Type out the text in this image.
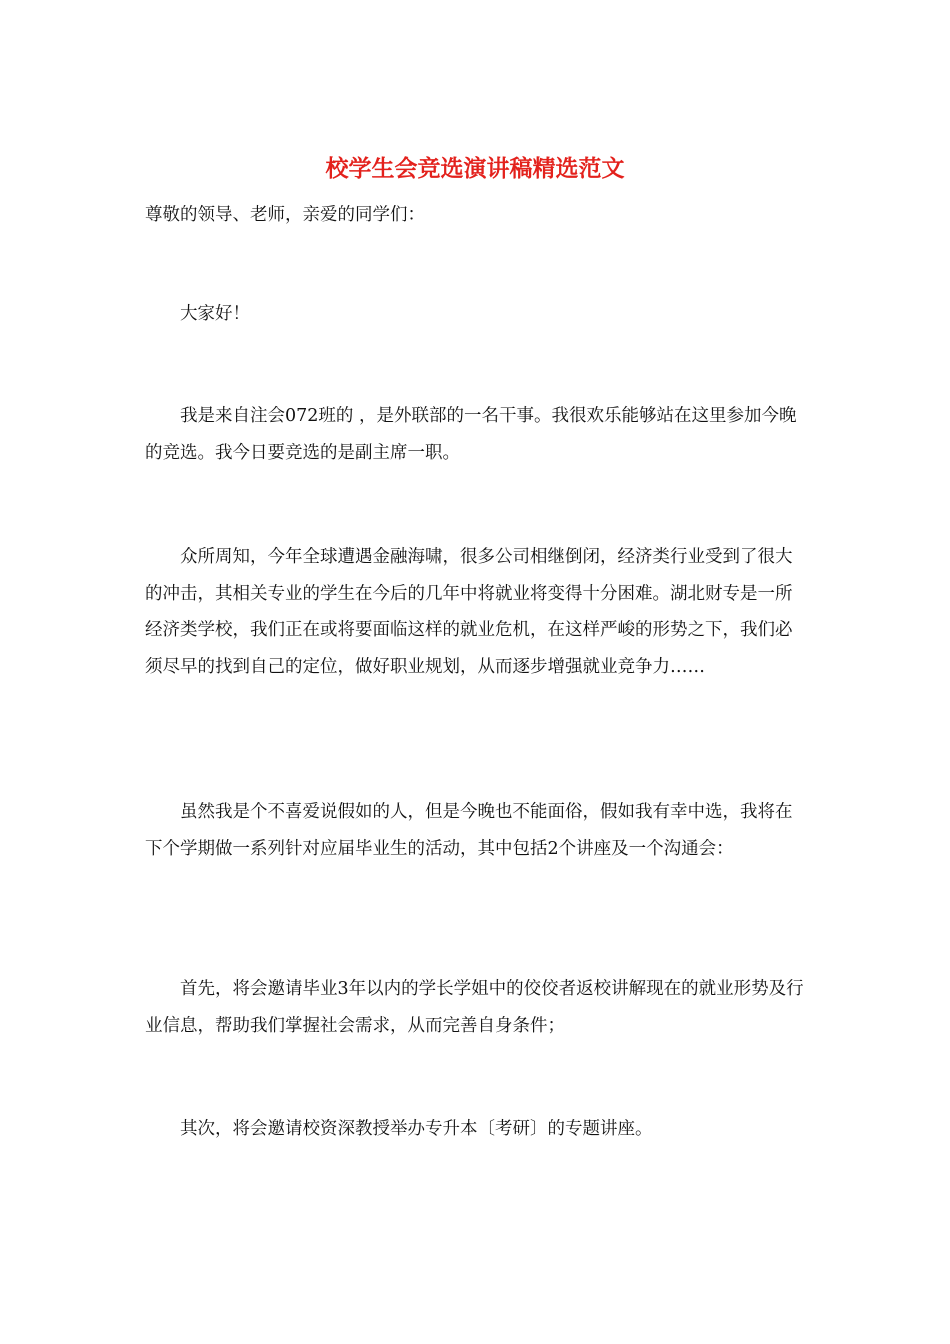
校学生会竞选演讲稿精选范文

尊敬的领导、老师，亲爱的同学们：

大家好！

我是来自注会072班的 ，是外联部的一名干事。我很欢乐能够站在这里参加今晚的竞选。我今日要竞选的是副主席一职。

众所周知，今年全球遭遇金融海啸，很多公司相继倒闭，经济类行业受到了很大的冲击，其相关专业的学生在今后的几年中将就业将变得十分困难。湖北财专是一所经济类学校，我们正在或将要面临这样的就业危机，在这样严峻的形势之下，我们必须尽早的找到自己的定位，做好职业规划，从而逐步增强就业竞争力……

虽然我是个不喜爱说假如的人，但是今晚也不能面俗，假如我有幸中选，我将在下个学期做一系列针对应届毕业生的活动，其中包括2个讲座及一个沟通会：

首先，将会邀请毕业3年以内的学长学姐中的佼佼者返校讲解现在的就业形势及行业信息，帮助我们掌握社会需求，从而完善自身条件；

其次，将会邀请校资深教授举办专升本〔考研〕的专题讲座。
